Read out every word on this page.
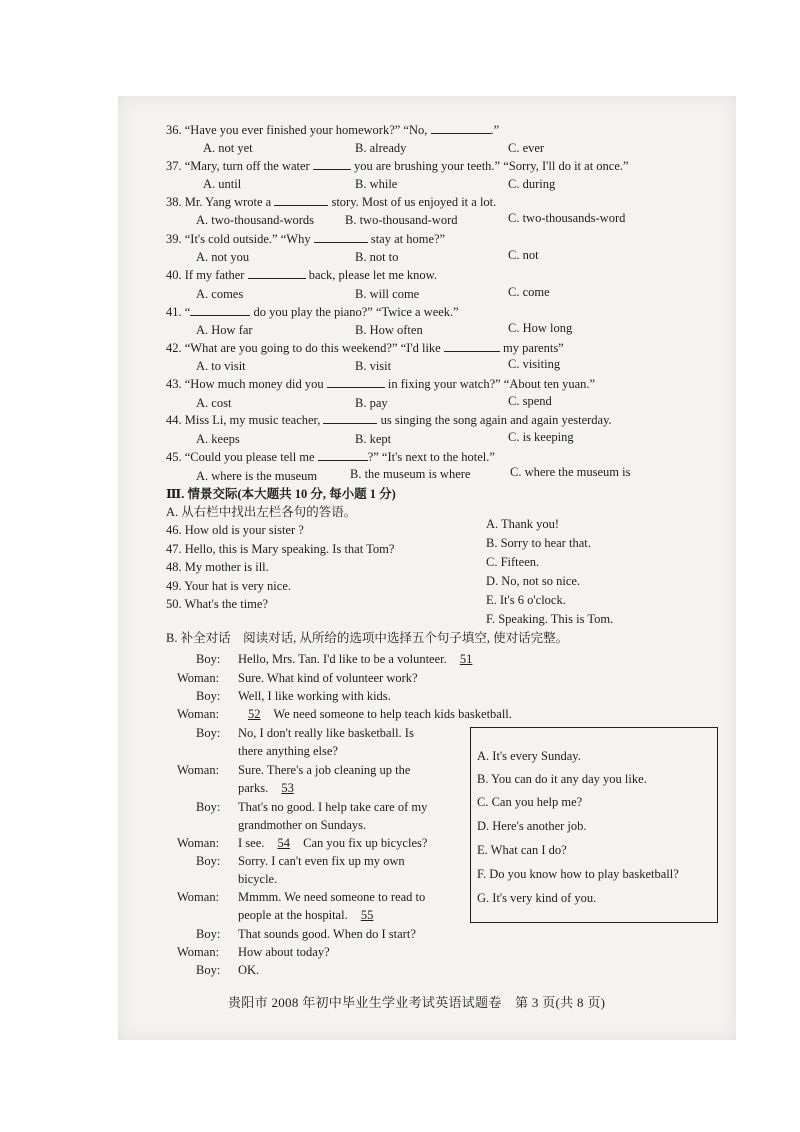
36. “Have you ever finished your homework?” “No,	.”
A. not yet	B. already	C. ever
37. “Mary, turn off the water	you are brushing your teeth.” “Sorry, I'll do it at once.”
A. until	B. while	C. during
38. Mr. Yang wrote a	story. Most of us enjoyed it a lot.
A. two-thousand-words B. two-thousand-word	C. two-thousands-word
39. “It's cold outside.” “Why	stay at home?”
A. not you	B. not to	C. not
40. If my father	back, please let me know.
A. comes	B. will come	C. come
41. “	do you play the piano?” “Twice a week.”
A. How far	B. How often	C. How long
42. “What are you going to do this weekend?” “I'd like	my parents”
A. to visit	B. visit	C. visiting
43. “How much money did you	in fixing your watch?” “About ten yuan.”
A. cost	B. pay	C. spend
44. Miss Li, my music teacher,	us singing the song again and again yesterday.
A. keeps	B. kept	C. is keeping
45. “Could you please tell me	?” “It's next to the hotel.”
A. where is the museum	B. the museum is where	C. where the museum is
Ⅲ. 情景交际(本大题共 10 分, 每小题 1 分)
A. 从右栏中找出左栏各句的答语。
46. How old is your sister ?
47. Hello, this is Mary speaking. Is that Tom?
48. My mother is ill.
49. Your hat is very nice.
50. What's the time?
A. Thank you!
B. Sorry to hear that.
C. Fifteen.
D. No, not so nice.
E. It's 6 o'clock.
F. Speaking. This is Tom.
B. 补全对话　阅读对话, 从所给的选项中选择五个句子填空, 使对话完整。
Boy: Hello, Mrs. Tan. I'd like to be a volunteer. 51
Woman: Sure. What kind of volunteer work?
Boy: Well, I like working with kids.
Woman:	52 We need someone to help teach kids basketball.
Boy: No, I don't really like basketball. Is
there anything else?
Woman: Sure. There's a job cleaning up the
parks. 53
Boy: That's no good. I help take care of my
grandmother on Sundays.
Woman: I see. 54 Can you fix up bicycles?
Boy: Sorry. I can't even fix up my own
bicycle.
Woman: Mmmm. We need someone to read to
people at the hospital. 55
Boy: That sounds good. When do I start?
Woman: How about today?
Boy: OK.
A. It's every Sunday.
B. You can do it any day you like.
C. Can you help me?
D. Here's another job.
E. What can I do?
F. Do you know how to play basketball?
G. It's very kind of you.
贵阳市 2008 年初中毕业生学业考试英语试题卷　第 3 页(共 8 页)
